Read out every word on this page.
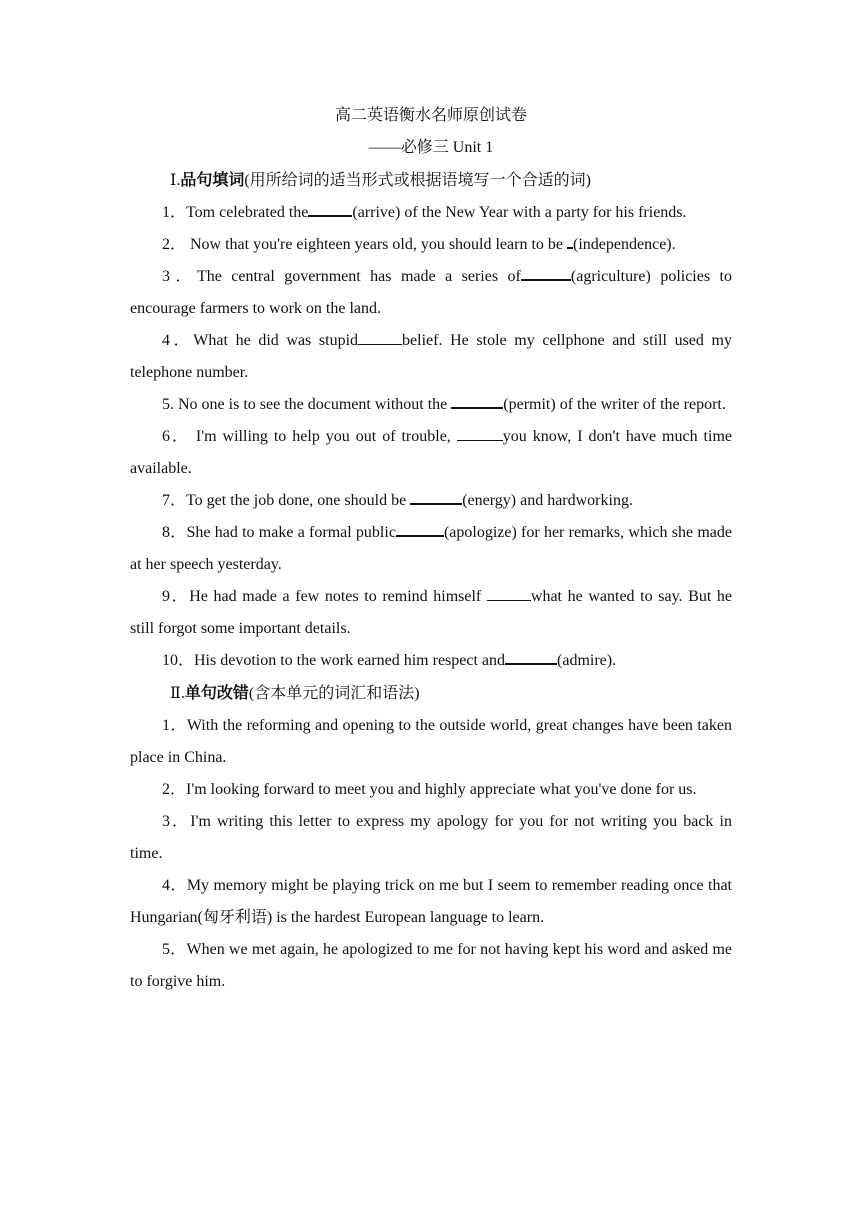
高二英语衡水名师原创试卷

——必修三 Unit 1

Ⅰ.品句填词(用所给词的适当形式或根据语境写一个合适的词)

1．Tom celebrated the	(arrive) of the New Year with a party for his friends.

2． Now that you're eighteen years old, you should learn to be (independence).

3．The central government has made a series of	(agriculture) policies to encourage farmers to work on the land.

4．What he did was stupid	belief. He stole my cellphone and still used my telephone number.

5. No one is to see the document without the	(permit) of the writer of the report.

6． I'm willing to help you out of trouble,	you know, I don't have much time available.

7．To get the job done, one should be	(energy) and hardworking.

8．She had to make a formal public	(apologize) for her remarks, which she made at her speech yesterday.

9．He had made a few notes to remind himself	what he wanted to say. But he still forgot some important details.

10．His devotion to the work earned him respect and	(admire).

Ⅱ.单句改错(含本单元的词汇和语法)

1．With the reforming and opening to the outside world, great changes have been taken place in China.

2．I'm looking forward to meet you and highly appreciate what you've done for us.

3．I'm writing this letter to express my apology for you for not writing you back in time.

4．My memory might be playing trick on me but I seem to remember reading once that Hungarian(匈牙利语) is the hardest European language to learn.

5．When we met again, he apologized to me for not having kept his word and asked me to forgive him.
